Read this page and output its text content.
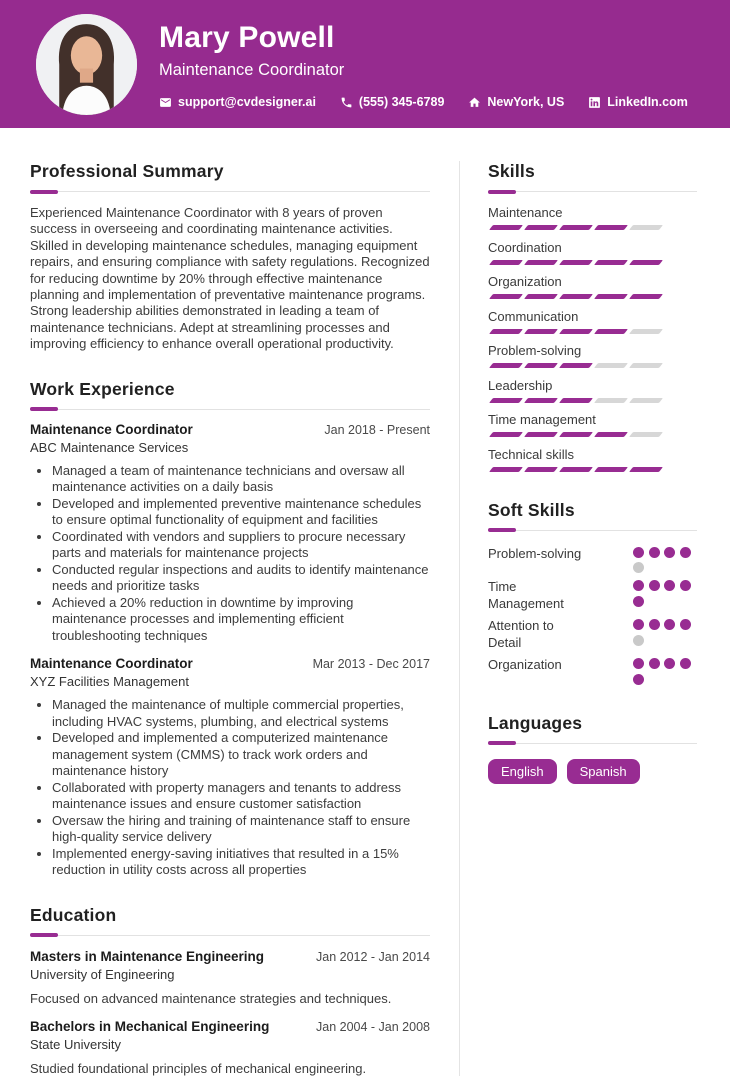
Mary Powell
Maintenance Coordinator
support@cvdesigner.ai	(555) 345-6789	NewYork, US	LinkedIn.com
Professional Summary

Experienced Maintenance Coordinator with 8 years of proven success in overseeing and coordinating maintenance activities. Skilled in developing maintenance schedules, managing equipment repairs, and ensuring compliance with safety regulations. Recognized for reducing downtime by 20% through effective maintenance planning and implementation of preventative maintenance programs. Strong leadership abilities demonstrated in leading a team of maintenance technicians. Adept at streamlining processes and improving efficiency to enhance overall operational productivity.

Work Experience
Maintenance Coordinator	Jan 2018 - Present
ABC Maintenance Services
• Managed a team of maintenance technicians and oversaw all maintenance activities on a daily basis
• Developed and implemented preventive maintenance schedules to ensure optimal functionality of equipment and facilities
• Coordinated with vendors and suppliers to procure necessary parts and materials for maintenance projects
• Conducted regular inspections and audits to identify maintenance needs and prioritize tasks
• Achieved a 20% reduction in downtime by improving maintenance processes and implementing efficient troubleshooting techniques
Maintenance Coordinator	Mar 2013 - Dec 2017
XYZ Facilities Management
• Managed the maintenance of multiple commercial properties, including HVAC systems, plumbing, and electrical systems
• Developed and implemented a computerized maintenance management system (CMMS) to track work orders and maintenance history
• Collaborated with property managers and tenants to address maintenance issues and ensure customer satisfaction
• Oversaw the hiring and training of maintenance staff to ensure high-quality service delivery
• Implemented energy-saving initiatives that resulted in a 15% reduction in utility costs across all properties
Education
Masters in Maintenance Engineering	Jan 2012 - Jan 2014
University of Engineering
Focused on advanced maintenance strategies and techniques.
Bachelors in Mechanical Engineering	Jan 2004 - Jan 2008
State University
Studied foundational principles of mechanical engineering.
Skills
Maintenance
Coordination
Organization
Communication
Problem-solving
Leadership
Time management
Technical skills
Soft Skills
Problem-solving
Time Management
Attention to Detail
Organization
Languages
English	Spanish
